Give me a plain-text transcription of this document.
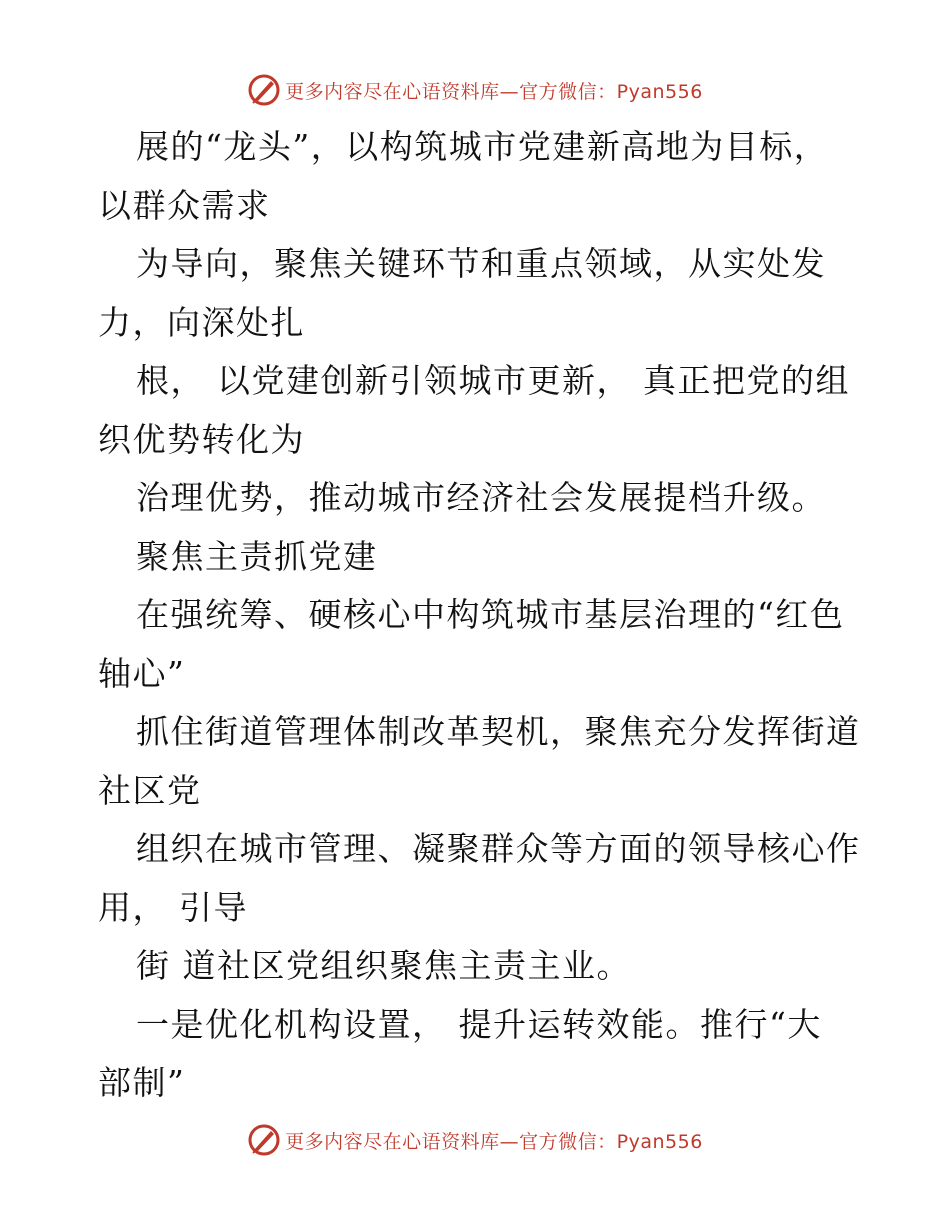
更多内容尽在心语资料库—官方微信：Pyan556
展的“龙头”，以构筑城市党建新高地为目标，
以群众需求
为导向，聚焦关键环节和重点领域，从实处发
力，向深处扎
根， 以党建创新引领城市更新， 真正把党的组
织优势转化为
治理优势，推动城市经济社会发展提档升级。
聚焦主责抓党建
在强统筹、硬核心中构筑城市基层治理的“红色
轴心”
抓住街道管理体制改革契机，聚焦充分发挥街道
社区党
组织在城市管理、凝聚群众等方面的领导核心作
用， 引导
街 道社区党组织聚焦主责主业。
一是优化机构设置， 提升运转效能。推行“大
部制”
更多内容尽在心语资料库—官方微信：Pyan556
